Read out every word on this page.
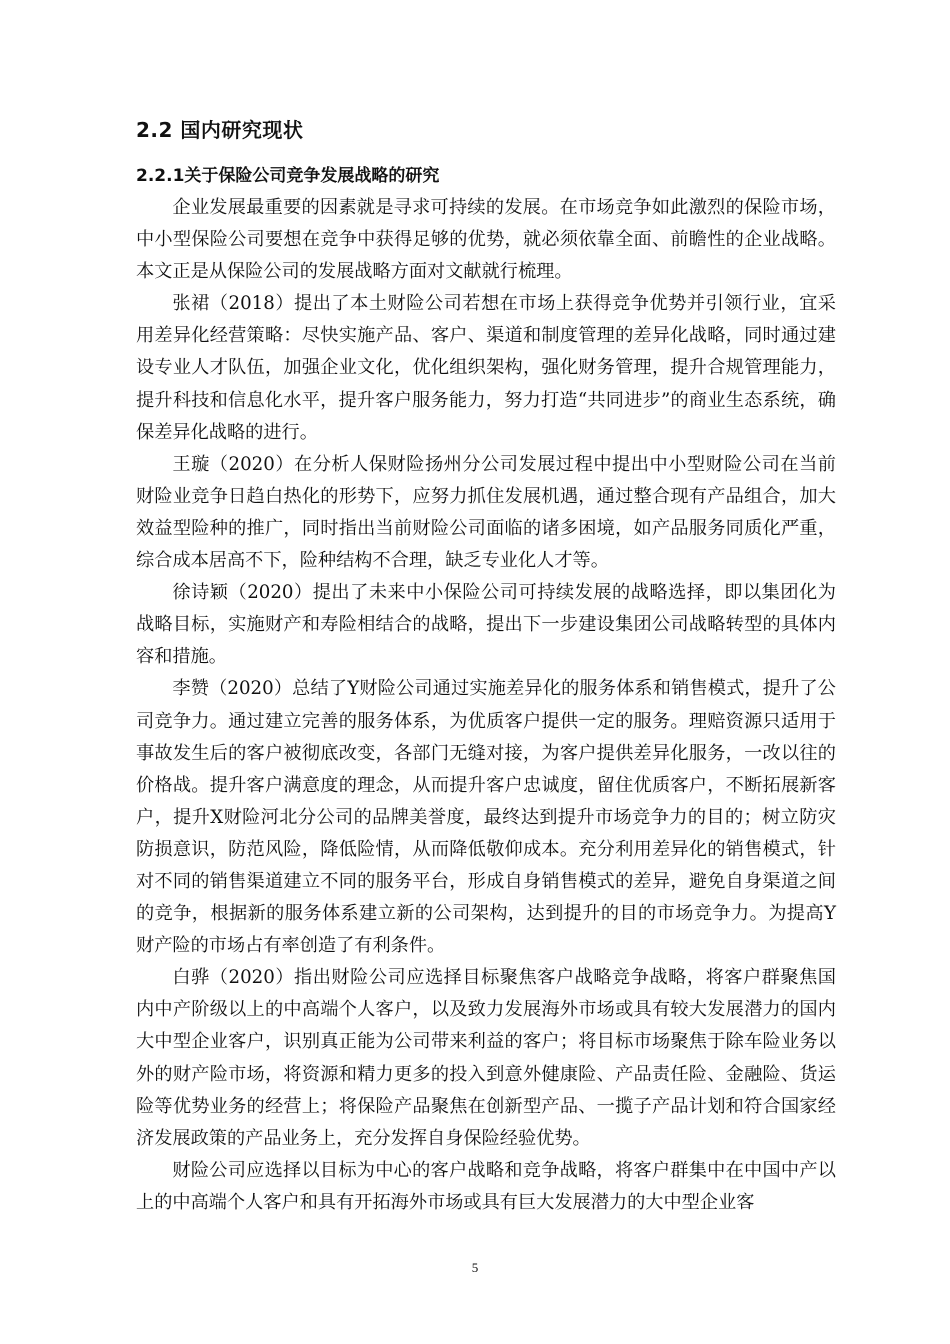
2.2 国内研究现状
2.2.1关于保险公司竞争发展战略的研究

企业发展最重要的因素就是寻求可持续的发展。在市场竞争如此激烈的保险市场，中小型保险公司要想在竞争中获得足够的优势，就必须依靠全面、前瞻性的企业战略。本文正是从保险公司的发展战略方面对文献就行梳理。

张裙（2018）提出了本土财险公司若想在市场上获得竞争优势并引领行业，宜采用差异化经营策略：尽快实施产品、客户、渠道和制度管理的差异化战略，同时通过建设专业人才队伍，加强企业文化，优化组织架构，强化财务管理，提升合规管理能力，提升科技和信息化水平，提升客户服务能力，努力打造“共同进步”的商业生态系统，确保差异化战略的进行。

王璇（2020）在分析人保财险扬州分公司发展过程中提出中小型财险公司在当前财险业竞争日趋白热化的形势下，应努力抓住发展机遇，通过整合现有产品组合，加大效益型险种的推广，同时指出当前财险公司面临的诸多困境，如产品服务同质化严重，综合成本居高不下，险种结构不合理，缺乏专业化人才等。

徐诗颖（2020）提出了未来中小保险公司可持续发展的战略选择，即以集团化为战略目标，实施财产和寿险相结合的战略，提出下一步建设集团公司战略转型的具体内容和措施。

李赞（2020）总结了Y财险公司通过实施差异化的服务体系和销售模式，提升了公司竞争力。通过建立完善的服务体系，为优质客户提供一定的服务。理赔资源只适用于事故发生后的客户被彻底改变，各部门无缝对接，为客户提供差异化服务，一改以往的价格战。提升客户满意度的理念，从而提升客户忠诚度，留住优质客户，不断拓展新客户，提升X财险河北分公司的品牌美誉度，最终达到提升市场竞争力的目的；树立防灾防损意识，防范风险，降低险情，从而降低敬仰成本。充分利用差异化的销售模式，针对不同的销售渠道建立不同的服务平台，形成自身销售模式的差异，避免自身渠道之间的竞争，根据新的服务体系建立新的公司架构，达到提升的目的市场竞争力。为提高Y财产险的市场占有率创造了有利条件。

白骅（2020）指出财险公司应选择目标聚焦客户战略竞争战略，将客户群聚焦国内中产阶级以上的中高端个人客户，以及致力发展海外市场或具有较大发展潜力的国内大中型企业客户，识别真正能为公司带来利益的客户；将目标市场聚焦于除车险业务以外的财产险市场，将资源和精力更多的投入到意外健康险、产品责任险、金融险、货运险等优势业务的经营上；将保险产品聚焦在创新型产品、一揽子产品计划和符合国家经济发展政策的产品业务上，充分发挥自身保险经验优势。

财险公司应选择以目标为中心的客户战略和竞争战略，将客户群集中在中国中产以上的中高端个人客户和具有开拓海外市场或具有巨大发展潜力的大中型企业客

5
